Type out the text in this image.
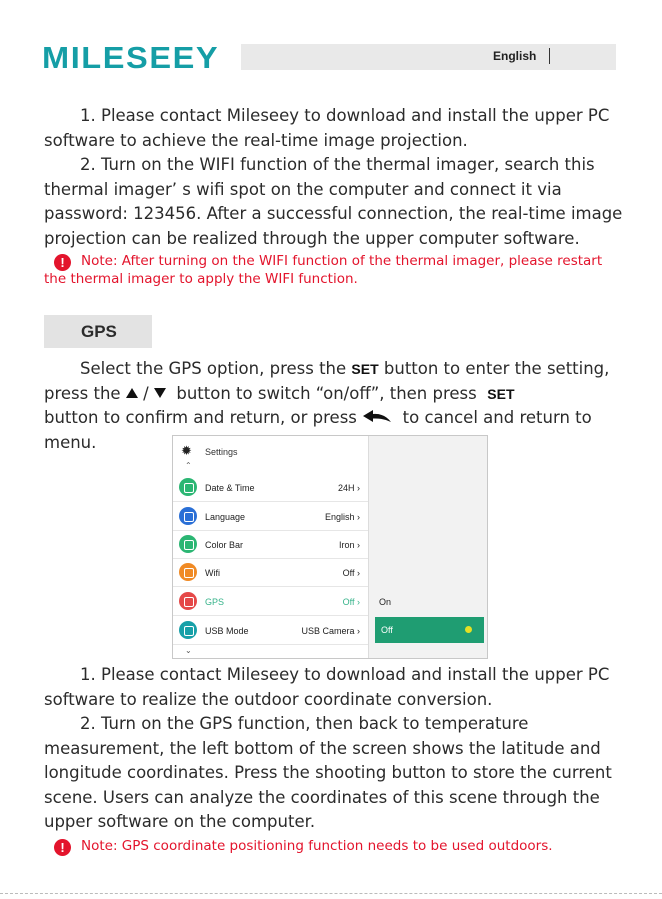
MILESEEY	English

1. Please contact Mileseey to download and install the upper PC software to achieve the real-time image projection.

2. Turn on the WIFI function of the thermal imager, search this thermal imager’ s wifi spot on the computer and connect it via password: 123456. After a successful connection, the real-time image projection can be realized through the upper computer software.

! Note: After turning on the WIFI function of the thermal imager, please restart the thermal imager to apply the WIFI function.

GPS

Select the GPS option, press the SET button to enter the setting, press the / button to switch “on/off”, then press SET
button to confirm and return, or press	to cancel and return to menu.	✹ Settings
⌃
Date & Time	24H ›
Language	English ›
Color Bar	Iron ›
Wifi	Off ›
GPS	Off ›
USB Mode	USB Camera ›
⌄
On
Off

1. Please contact Mileseey to download and install the upper PC software to realize the outdoor coordinate conversion.

2. Turn on the GPS function, then back to temperature measurement, the left bottom of the screen shows the latitude and longitude coordinates. Press the shooting button to store the current scene. Users can analyze the coordinates of this scene through the upper software on the computer.

! Note: GPS coordinate positioning function needs to be used outdoors.
